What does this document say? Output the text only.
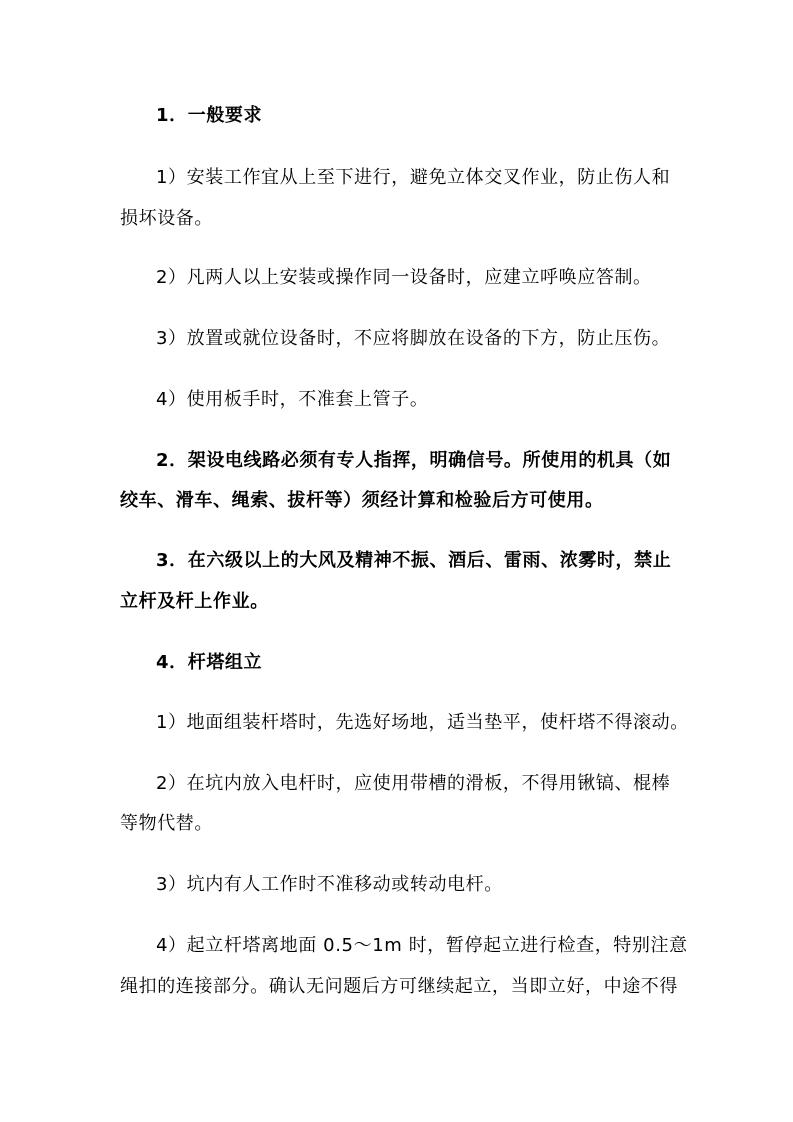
1．一般要求
1）安装工作宜从上至下进行，避免立体交叉作业，防止伤人和
损坏设备。
2）凡两人以上安装或操作同一设备时，应建立呼唤应答制。
3）放置或就位设备时，不应将脚放在设备的下方，防止压伤。
4）使用板手时，不准套上管子。
2．架设电线路必须有专人指挥，明确信号。所使用的机具（如
绞车、滑车、绳索、拔杆等）须经计算和检验后方可使用。
3．在六级以上的大风及精神不振、酒后、雷雨、浓雾时，禁止
立杆及杆上作业。
4．杆塔组立
1）地面组装杆塔时，先选好场地，适当垫平，使杆塔不得滚动。
2）在坑内放入电杆时，应使用带槽的滑板，不得用锹镐、棍棒
等物代替。
3）坑内有人工作时不准移动或转动电杆。
4）起立杆塔离地面 0.5～1m 时，暂停起立进行检查，特别注意
绳扣的连接部分。确认无问题后方可继续起立，当即立好，中途不得
